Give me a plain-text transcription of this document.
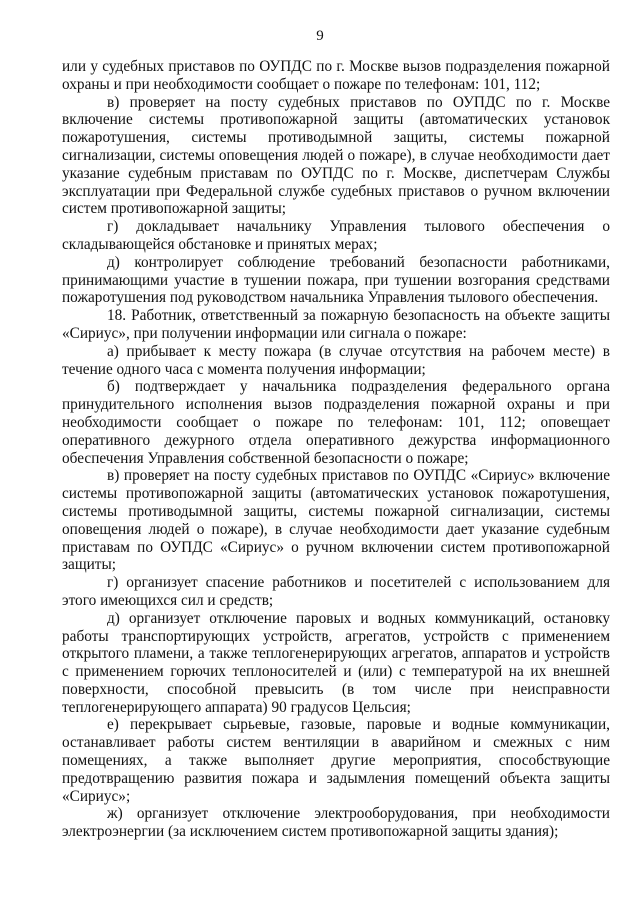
9

или у судебных приставов по ОУПДС по г. Москве вызов подразделения пожарной охраны и при необходимости сообщает о пожаре по телефонам: 101, 112;

в) проверяет на посту судебных приставов по ОУПДС по г. Москве включение системы противопожарной защиты (автоматических установок пожаротушения, системы противодымной защиты, системы пожарной сигнализации, системы оповещения людей о пожаре), в случае необходимости дает указание судебным приставам по ОУПДС по г. Москве, диспетчерам Службы эксплуатации при Федеральной службе судебных приставов о ручном включении систем противопожарной защиты;

г) докладывает начальнику Управления тылового обеспечения о складывающейся обстановке и принятых мерах;

д) контролирует соблюдение требований безопасности работниками, принимающими участие в тушении пожара, при тушении возгорания средствами пожаротушения под руководством начальника Управления тылового обеспечения.

18. Работник, ответственный за пожарную безопасность на объекте защиты «Сириус», при получении информации или сигнала о пожаре:

а) прибывает к месту пожара (в случае отсутствия на рабочем месте) в течение одного часа с момента получения информации;

б) подтверждает у начальника подразделения федерального органа принудительного исполнения вызов подразделения пожарной охраны и при необходимости сообщает о пожаре по телефонам: 101, 112; оповещает оперативного дежурного отдела оперативного дежурства информационного обеспечения Управления собственной безопасности о пожаре;

в) проверяет на посту судебных приставов по ОУПДС «Сириус» включение системы противопожарной защиты (автоматических установок пожаротушения, системы противодымной защиты, системы пожарной сигнализации, системы оповещения людей о пожаре), в случае необходимости дает указание судебным приставам по ОУПДС «Сириус» о ручном включении систем противопожарной защиты;

г) организует спасение работников и посетителей с использованием для этого имеющихся сил и средств;

д) организует отключение паровых и водных коммуникаций, остановку работы транспортирующих устройств, агрегатов, устройств с применением открытого пламени, а также теплогенерирующих агрегатов, аппаратов и устройств с применением горючих теплоносителей и (или) с температурой на их внешней поверхности, способной превысить (в том числе при неисправности теплогенерирующего аппарата) 90 градусов Цельсия;

е) перекрывает сырьевые, газовые, паровые и водные коммуникации, останавливает работы систем вентиляции в аварийном и смежных с ним помещениях, а также выполняет другие мероприятия, способствующие предотвращению развития пожара и задымления помещений объекта защиты «Сириус»;

ж) организует отключение электрооборудования, при необходимости электроэнергии (за исключением систем противопожарной защиты здания);
